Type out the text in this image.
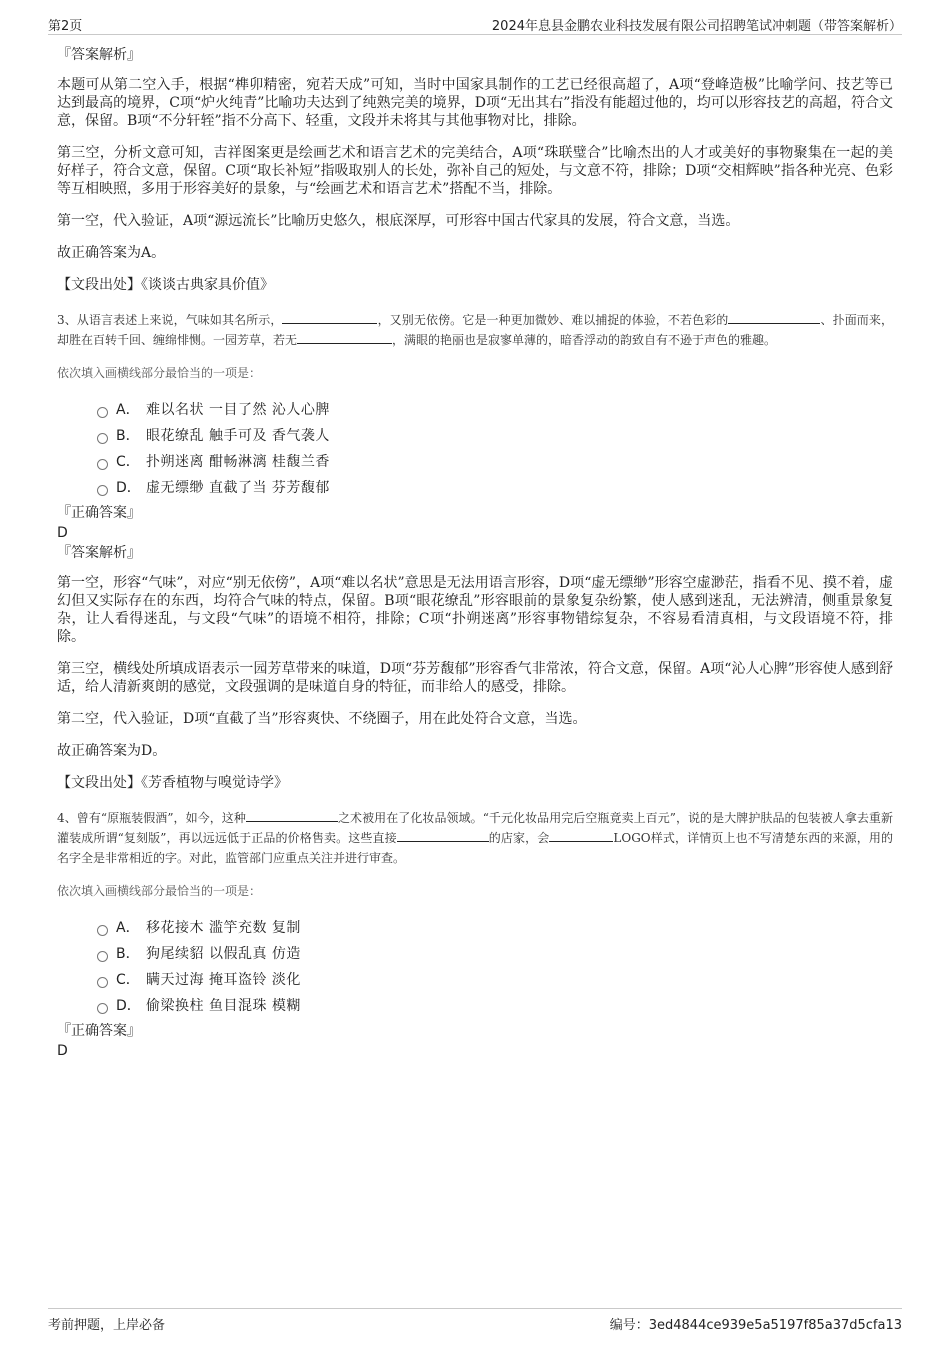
第2页	2024年息县金鹏农业科技发展有限公司招聘笔试冲刺题（带答案解析）
『答案解析』

本题可从第二空入手，根据“榫卯精密，宛若天成”可知，当时中国家具制作的工艺已经很高超了，A项“登峰造极”比喻学问、技艺等已达到最高的境界，C项“炉火纯青”比喻功夫达到了纯熟完美的境界，D项“无出其右”指没有能超过他的，均可以形容技艺的高超，符合文意，保留。B项“不分轩轾”指不分高下、轻重，文段并未将其与其他事物对比，排除。

第三空，分析文意可知，吉祥图案更是绘画艺术和语言艺术的完美结合，A项“珠联璧合”比喻杰出的人才或美好的事物聚集在一起的美好样子，符合文意，保留。C项“取长补短”指吸取别人的长处，弥补自己的短处，与文意不符，排除；D项“交相辉映”指各种光亮、色彩等互相映照，多用于形容美好的景象，与“绘画艺术和语言艺术”搭配不当，排除。

第一空，代入验证，A项“源远流长”比喻历史悠久，根底深厚，可形容中国古代家具的发展，符合文意，当选。

故正确答案为A。

【文段出处】《谈谈古典家具价值》

3、从语言表述上来说，气味如其名所示，	，又别无依傍。它是一种更加微妙、难以捕捉的体验，不若色彩的	、扑面而来，却胜在百转千回、缠绵悱恻。一园芳草，若无	，满眼的艳丽也是寂寥单薄的，暗香浮动的韵致自有不逊于声色的雅趣。

依次填入画横线部分最恰当的一项是：

A． 难以名状 一目了然 沁人心脾
B． 眼花缭乱 触手可及 香气袭人
C． 扑朔迷离 酣畅淋漓 桂馥兰香
D． 虚无缥缈 直截了当 芬芳馥郁
『正确答案』
D
『答案解析』

第一空，形容“气味”，对应“别无依傍”，A项“难以名状”意思是无法用语言形容，D项“虚无缥缈”形容空虚渺茫，指看不见、摸不着，虚幻但又实际存在的东西，均符合气味的特点，保留。B项“眼花缭乱”形容眼前的景象复杂纷繁，使人感到迷乱，无法辨清，侧重景象复杂，让人看得迷乱，与文段“气味”的语境不相符，排除；C项“扑朔迷离”形容事物错综复杂，不容易看清真相，与文段语境不符，排除。

第三空，横线处所填成语表示一园芳草带来的味道，D项“芬芳馥郁”形容香气非常浓，符合文意，保留。A项“沁人心脾”形容使人感到舒适，给人清新爽朗的感觉，文段强调的是味道自身的特征，而非给人的感受，排除。

第二空，代入验证，D项“直截了当”形容爽快、不绕圈子，用在此处符合文意，当选。

故正确答案为D。

【文段出处】《芳香植物与嗅觉诗学》

4、曾有“原瓶装假酒”，如今，这种	之术被用在了化妆品领域。“千元化妆品用完后空瓶竟卖上百元”，说的是大牌护肤品的包装被人拿去重新灌装成所谓“复刻版”，再以远远低于正品的价格售卖。这些直接	的店家，会	LOGO样式，详情页上也不写清楚东西的来源，用的名字全是非常相近的字。对此，监管部门应重点关注并进行审查。

依次填入画横线部分最恰当的一项是：

A． 移花接木 滥竽充数 复制
B． 狗尾续貂 以假乱真 仿造
C． 瞒天过海 掩耳盗铃 淡化
D． 偷梁换柱 鱼目混珠 模糊
『正确答案』
D
考前押题，上岸必备	编号：3ed4844ce939e5a5197f85a37d5cfa13
